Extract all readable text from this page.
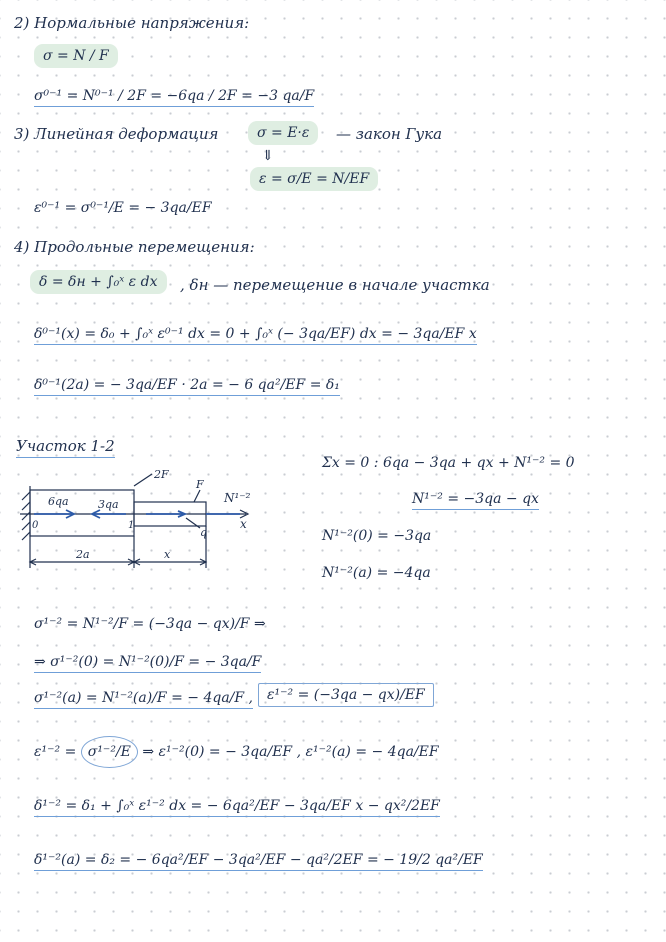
2) Нормальные напряжения:
σ = N / F
σ⁰⁻¹ = N⁰⁻¹ / 2F = −6qa / 2F = −3 qa/F
3) Линейная деформация	σ = E·ε	— закон Гука
⇓
ε = σ/E = N/EF
ε⁰⁻¹ = σ⁰⁻¹/E = − 3qa/EF
4) Продольные перемещения:
δ = δн + ∫₀ˣ ε dx	, δн — перемещение в начале участка
δ⁰⁻¹(x) = δ₀ + ∫₀ˣ ε⁰⁻¹ dx = 0 + ∫₀ˣ (− 3qa/EF) dx = − 3qa/EF x
δ⁰⁻¹(2a) = − 3qa/EF · 2a = − 6 qa²/EF = δ₁
Участок 1-2
6qa	3qa
2F
F
N¹⁻²
x
q
0	1
2a	x
Σx = 0 : 6qa − 3qa + qx + N¹⁻² = 0
N¹⁻² = −3qa − qx
N¹⁻²(0) = −3qa
N¹⁻²(a) = −4qa
σ¹⁻² = N¹⁻²/F = (−3qa − qx)/F ⇒
⇒ σ¹⁻²(0) = N¹⁻²(0)/F = − 3qa/F
σ¹⁻²(a) = N¹⁻²(a)/F = − 4qa/F ,	ε¹⁻² = (−3qa − qx)/EF
ε¹⁻² = σ¹⁻²/E ⇒ ε¹⁻²(0) = − 3qa/EF , ε¹⁻²(a) = − 4qa/EF
δ¹⁻² = δ₁ + ∫₀ˣ ε¹⁻² dx = − 6qa²/EF − 3qa/EF x − qx²/2EF
δ¹⁻²(a) = δ₂ = − 6qa²/EF − 3qa²/EF − qa²/2EF = − 19/2 qa²/EF
